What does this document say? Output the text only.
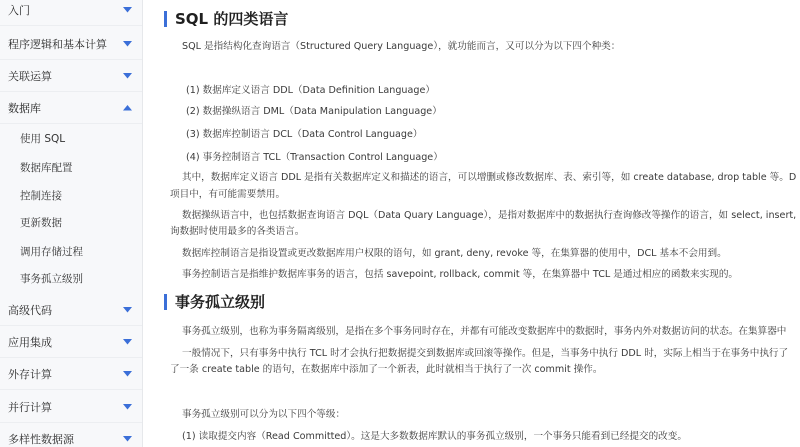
入门
程序逻辑和基本计算
关联运算
数据库
使用 SQL
数据库配置
控制连接
更新数据
调用存储过程
事务孤立级别
高级代码
应用集成
外存计算
并行计算
多样性数据源
SQL 的四类语言
SQL 是指结构化查询语言（Structured Query Language），就功能而言，又可以分为以下四个种类：
(1) 数据库定义语言 DDL（Data Definition Language）
(2) 数据操纵语言 DML（Data Manipulation Language）
(3) 数据库控制语言 DCL（Data Control Language）
(4) 事务控制语言 TCL（Transaction Control Language）
其中，数据库定义语言 DDL 是指有关数据库定义和描述的语言，可以增删或修改数据库、表、索引等，如 create database, drop table 等。D
项目中，有可能需要禁用。
数据操纵语言中，也包括数据查询语言 DQL（Data Quary Language），是指对数据库中的数据执行查询修改等操作的语言，如 select, insert,
询数据时使用最多的各类语言。
数据库控制语言是指设置或更改数据库用户权限的语句，如 grant, deny, revoke 等，在集算器的使用中，DCL 基本不会用到。
事务控制语言是指维护数据库事务的语言，包括 savepoint, rollback, commit 等，在集算器中 TCL 是通过相应的函数来实现的。
事务孤立级别
事务孤立级别，也称为事务隔离级别，是指在多个事务同时存在，并都有可能改变数据库中的数据时，事务内外对数据访问的状态。在集算器中
一般情况下，只有事务中执行 TCL 时才会执行把数据提交到数据库或回滚等操作。但是，当事务中执行 DDL 时，实际上相当于在事务中执行了
了一条 create table 的语句，在数据库中添加了一个新表，此时就相当于执行了一次 commit 操作。
事务孤立级别可以分为以下四个等级：
(1) 读取提交内容（Read Committed）。这是大多数数据库默认的事务孤立级别，一个事务只能看到已经提交的改变。
